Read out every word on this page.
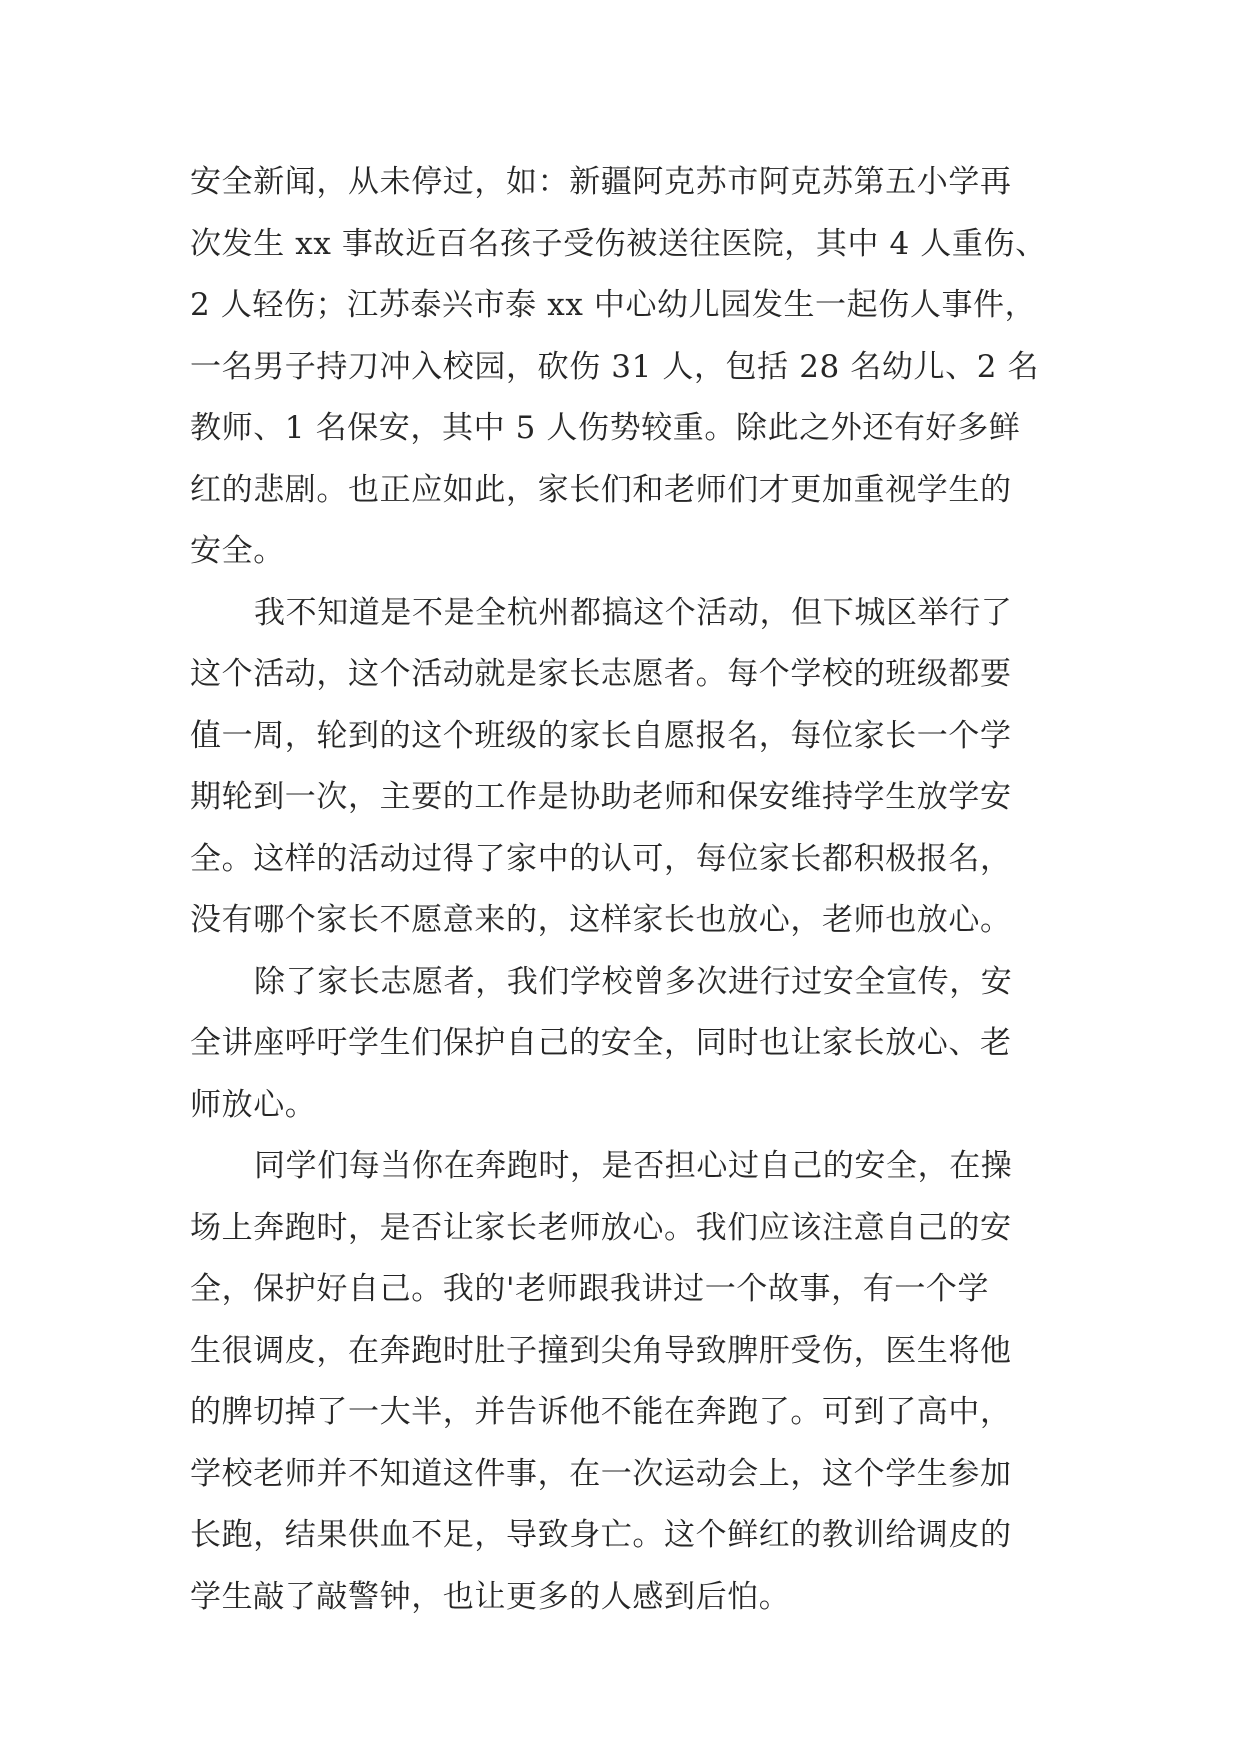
安全新闻，从未停过，如：新疆阿克苏市阿克苏第五小学再
次发生 xx 事故近百名孩子受伤被送往医院，其中 4 人重伤、
2 人轻伤；江苏泰兴市泰 xx 中心幼儿园发生一起伤人事件，
一名男子持刀冲入校园，砍伤 31 人，包括 28 名幼儿、2 名
教师、1 名保安，其中 5 人伤势较重。除此之外还有好多鲜
红的悲剧。也正应如此，家长们和老师们才更加重视学生的
安全。

我不知道是不是全杭州都搞这个活动，但下城区举行了
这个活动，这个活动就是家长志愿者。每个学校的班级都要
值一周，轮到的这个班级的家长自愿报名，每位家长一个学
期轮到一次，主要的工作是协助老师和保安维持学生放学安
全。这样的活动过得了家中的认可，每位家长都积极报名，
没有哪个家长不愿意来的，这样家长也放心，老师也放心。

除了家长志愿者，我们学校曾多次进行过安全宣传，安
全讲座呼吁学生们保护自己的安全，同时也让家长放心、老
师放心。

同学们每当你在奔跑时，是否担心过自己的安全，在操
场上奔跑时，是否让家长老师放心。我们应该注意自己的安
全，保护好自己。我的'老师跟我讲过一个故事，有一个学
生很调皮，在奔跑时肚子撞到尖角导致脾肝受伤，医生将他
的脾切掉了一大半，并告诉他不能在奔跑了。可到了高中，
学校老师并不知道这件事，在一次运动会上，这个学生参加
长跑，结果供血不足，导致身亡。这个鲜红的教训给调皮的
学生敲了敲警钟，也让更多的人感到后怕。
